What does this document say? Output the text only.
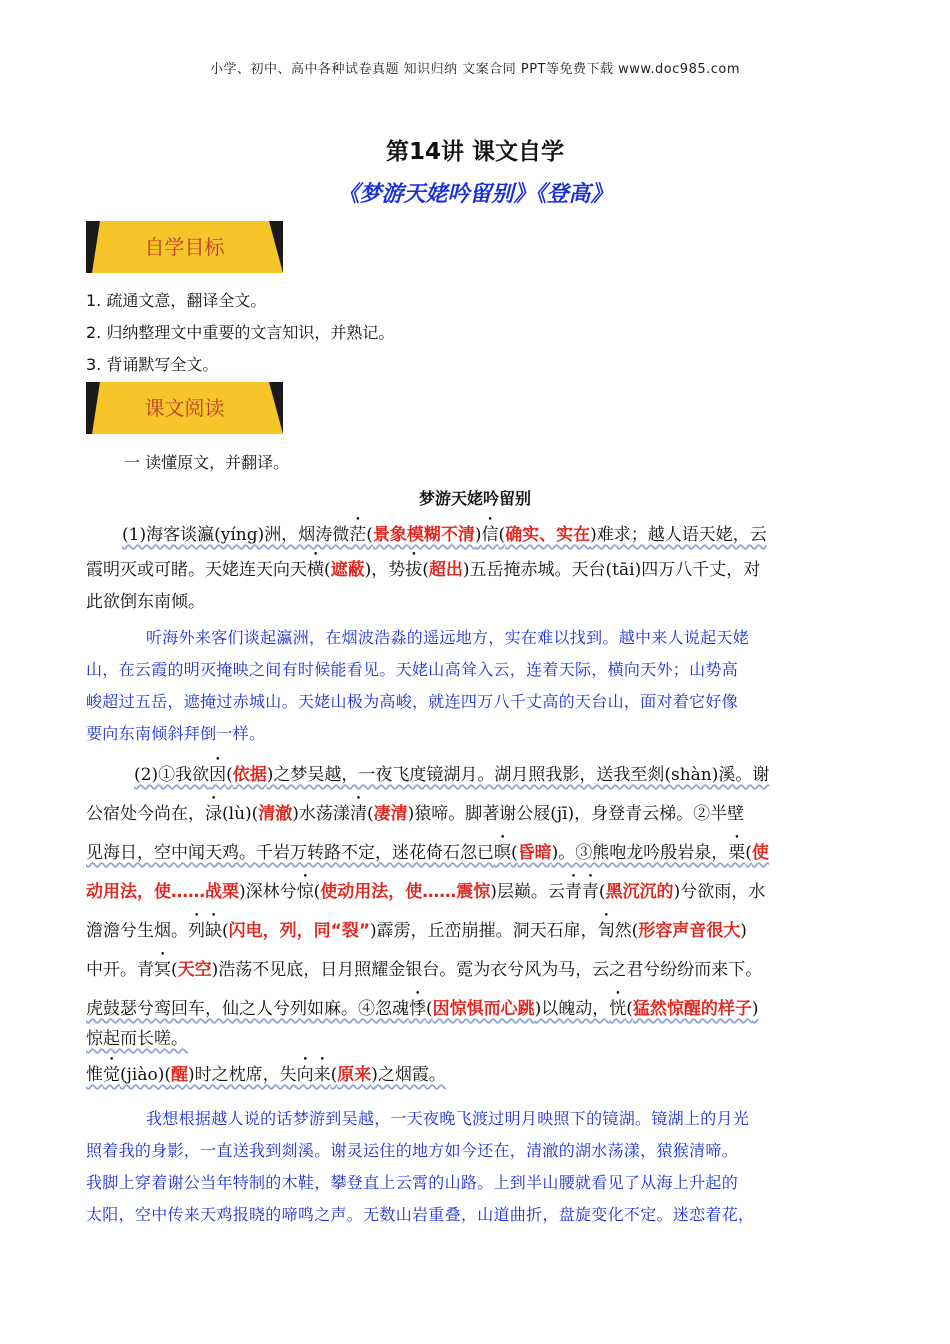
小学、初中、高中各种试卷真题 知识归纳 文案合同 PPT等免费下载 www.doc985.com
第14讲 课文自学
《梦游天姥吟留别》《登高》
自学目标
1. 疏通文意，翻译全文。
2. 归纳整理文中重要的文言知识，并熟记。
3. 背诵默写全文。
课文阅读
一 读懂原文，并翻译。
梦游天姥吟留别
(1)海客谈瀛(yíng)洲，烟涛微茫(景象模糊不清)信(确实、实在)难求；越人语天姥，云
霞明灭或可睹。天姥连天向天横(遮蔽)，势拔(超出)五岳掩赤城。天台(tāi)四万八千丈，对
此欲倒东南倾。
听海外来客们谈起瀛洲，在烟波浩淼的遥远地方，实在难以找到。越中来人说起天姥
山，在云霞的明灭掩映之间有时候能看见。天姥山高耸入云，连着天际，横向天外；山势高
峻超过五岳，遮掩过赤城山。天姥山极为高峻，就连四万八千丈高的天台山，面对着它好像
要向东南倾斜拜倒一样。
(2)①我欲因(依据)之梦吴越，一夜飞度镜湖月。湖月照我影，送我至剡(shàn)溪。谢
公宿处今尚在，渌(lù)(清澈)水荡漾清(凄清)猿啼。脚著谢公屐(jī)，身登青云梯。②半壁
见海日，空中闻天鸡。千岩万转路不定，迷花倚石忽已暝(昏暗)。③熊咆龙吟殷岩泉，栗(使
动用法，使……战栗)深林兮惊(使动用法，使……震惊)层巅。云青青(黑沉沉的)兮欲雨，水
澹澹兮生烟。列缺(闪电，列，同“裂”)霹雳，丘峦崩摧。洞天石扉，訇然(形容声音很大)
中开。青冥(天空)浩荡不见底，日月照耀金银台。霓为衣兮风为马，云之君兮纷纷而来下。
虎鼓瑟兮鸾回车，仙之人兮列如麻。④忽魂悸(因惊惧而心跳)以魄动，恍(猛然惊醒的样子)
惊起而长嗟。
惟觉(jiào)(醒)时之枕席，失向来(原来)之烟霞。
我想根据越人说的话梦游到吴越，一天夜晚飞渡过明月映照下的镜湖。镜湖上的月光
照着我的身影，一直送我到剡溪。谢灵运住的地方如今还在，清澈的湖水荡漾，猿猴清啼。
我脚上穿着谢公当年特制的木鞋，攀登直上云霄的山路。上到半山腰就看见了从海上升起的
太阳，空中传来天鸡报晓的啼鸣之声。无数山岩重叠，山道曲折，盘旋变化不定。迷恋着花，
